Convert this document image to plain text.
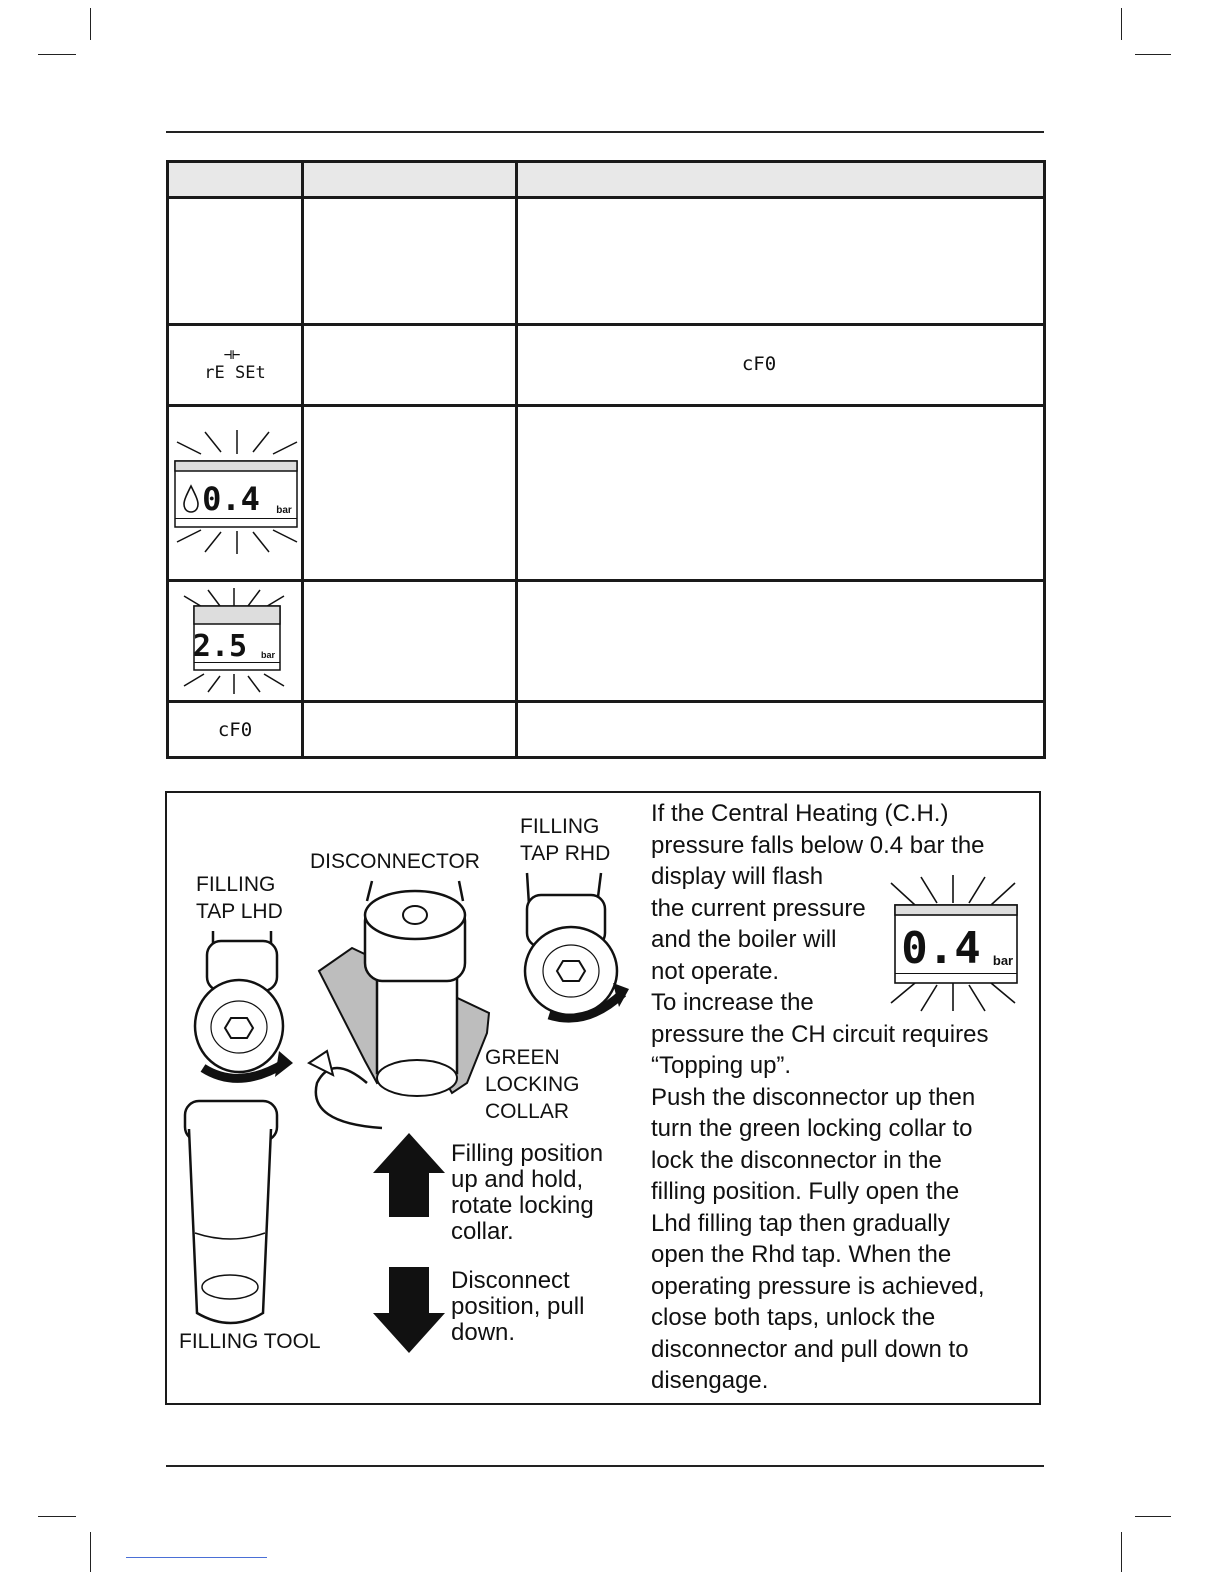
⊣⊢
rE SEt	cF0
0.4 bar
2.5 bar
cF0
FILLING
TAP RHD
DISCONNECTOR
FILLING
TAP LHD
GREEN
LOCKING
COLLAR
FILLING TOOL
Filling position
up and hold,
rotate locking
collar.
Disconnect
position, pull
down.
0.4 bar
If the Central Heating (C.H.)
pressure falls below 0.4 bar the
display will flash
the current pressure
and the boiler will
not operate.
To increase the
pressure the CH circuit requires
“Topping up”.
Push the disconnector up then
turn the green locking collar to
lock the disconnector in the
filling position. Fully open the
Lhd filling tap then gradually
open the Rhd tap. When the
operating pressure is achieved,
close both taps, unlock the
disconnector and pull down to
disengage.
